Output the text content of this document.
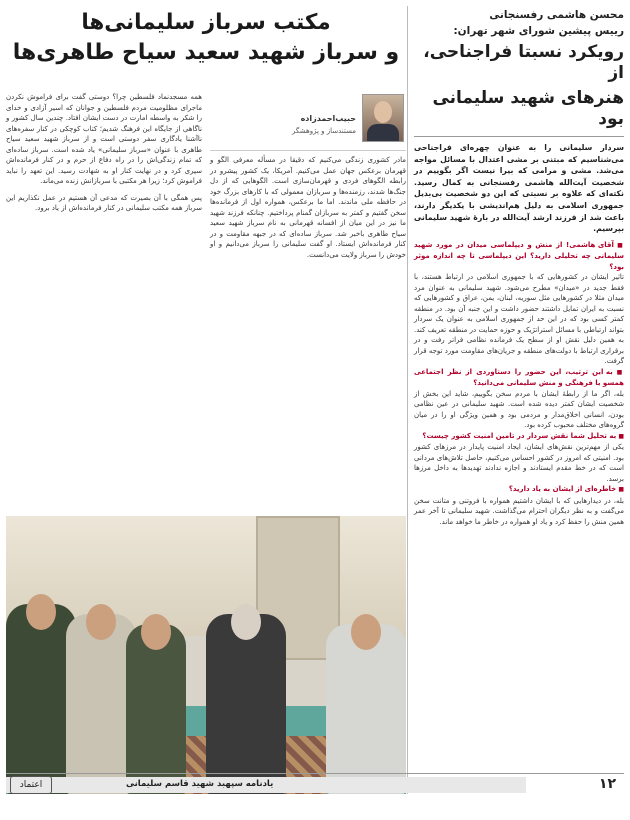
محسن هاشمی رفسنجانی
رییس پیشین شورای شهر تهران:
رویکرد نسبتا فراجناحی، از
هنرهای شهید سلیمانی بود
سردار سلیمانی را به عنوان چهره‌ای فراجناحی می‌شناسیم که مبتنی بر مشی اعتدال با مسائل مواجه می‌شد. مشی و مرامی که بیرا نیست اگر بگوییم در شخصیت آیت‌الله هاشمی رفسنجانی به کمال رسید. نکته‌ای که علاوه بر نسبتی که این دو شخصیت بی‌بدیل جمهوری اسلامی به دلیل هم‌اندیشی با یکدیگر دارند، باعث شد از فرزند ارشد آیت‌الله در بارهٔ شهید سلیمانی بپرسیم.
■ آقای هاشمی! از منش و دیپلماسی میدان در مورد شهید سلیمانی چه تحلیلی دارید؟ این دیپلماسی تا چه اندازه موثر بود؟
تاثیر ایشان در کشورهایی که با جمهوری اسلامی در ارتباط هستند، با فقط جدید در «میدان» مطرح می‌شود. شهید سلیمانی به عنوان مرد میدان مثلا در کشورهایی مثل سوریه، لبنان، یمن، عراق و کشورهایی که نسبت به ایران تمایل داشتند حضور داشت و این جنبه آن بود. در منطقه کمتر کسی بود که در این حد از جمهوری اسلامی به عنوان یک سردار بتواند ارتباطی با مسائل استراتژیک و حوزه حمایت در منطقه تعریف کند. به همین دلیل نقش او از سطح یک فرمانده نظامی فراتر رفت و در برقراری ارتباط با دولت‌های منطقه و جریان‌های مقاومت مورد توجه قرار گرفت.
■ به این ترتیب، این حضور را دستاوردی از نظر اجتماعی همسو با فرهنگی و منش سلیمانی می‌دانید؟
بله، اگر ما از رابطهٔ ایشان با مردم سخن بگوییم، شاید این بخش از شخصیت ایشان کمتر دیده شده است. شهید سلیمانی در عین نظامی بودن، انسانی اخلاق‌مدار و مردمی بود و همین ویژگی او را در میان گروه‌های مختلف محبوب کرده بود.
■ به تحلیل شما نقش سردار در تامین امنیت کشور چیست؟
یکی از مهم‌ترین نقش‌های ایشان، ایجاد امنیت پایدار در مرزهای کشور بود. امنیتی که امروز در کشور احساس می‌کنیم، حاصل تلاش‌های مردانی است که در خط مقدم ایستادند و اجازه ندادند تهدیدها به داخل مرزها برسد.
■ خاطره‌ای از ایشان به یاد دارید؟
بله، در دیدارهایی که با ایشان داشتیم همواره با فروتنی و متانت سخن می‌گفت و به نظر دیگران احترام می‌گذاشت. شهید سلیمانی تا آخر عمر همین منش را حفظ کرد و یاد او همواره در خاطر ما خواهد ماند.
مکتب سرباز سلیمانی‌ها
و سرباز شهید سعید سیاح طاهری‌ها
حبیب‌احمدزاده
مستندساز و پژوهشگر
مادر کشوری زندگی می‌کنیم که دقیقا در مسأله معرفی الگو و قهرمان برعکس جهان عمل می‌کنیم. آمریکا، یک کشور پیشرو در رابطه الگوهای فردی و قهرمان‌سازی است. الگوهایی که از دل جنگ‌ها شدند، رزمنده‌ها و سربازان معمولی که با کارهای بزرگ خود در حافظه ملی ماندند. اما ما برعکس، همواره اول از فرمانده‌ها سخن گفتیم و کمتر به سربازان گمنام پرداختیم. چنانکه فرزند شهید ما نیز در این میان از افسانه قهرمانی به نام سرباز شهید سعید سیاح طاهری باخبر شد. سرباز ساده‌ای که در جبهه مقاومت و در کنار فرمانده‌اش ایستاد. او گفت سلیمانی را سرباز می‌دانیم و او خودش را سرباز ولایت می‌دانست.
همه مسجدنماد فلسطین چرا؟ دوستی گفت برای فراموش نکردن ماجرای مظلومیت مردم فلسطین و جوانان که اسیر آزادی و خدای را شکر به واسطه امارت در دست ایشان افتاد. چندین سال کشور و ناگاهی از جایگاه این فرهنگ شدیم؛ کتاب کوچکی در کنار سفره‌های ناآشنا یادگاری سفر دوستی است و از سرباز شهید سعید سیاح طاهری با عنوان «سرباز سلیمانی» یاد شده است. سرباز ساده‌ای که تمام زندگی‌اش را در راه دفاع از حرم و در کنار فرمانده‌اش سپری کرد و در نهایت کنار او به شهادت رسید. این تعهد را نباید فراموش کرد؛ زیرا هر مکتبی با سربازانش زنده می‌ماند.
پس همگی با آن بصیرت که مدعی آن هستیم در عمل نکذاریم این سرباز همه مکتب سلیمانی در کنار فرمانده‌اش از یاد برود.
اعتماد	یادنامه سپهبد شهید قاسم سلیمانی	۱۲
